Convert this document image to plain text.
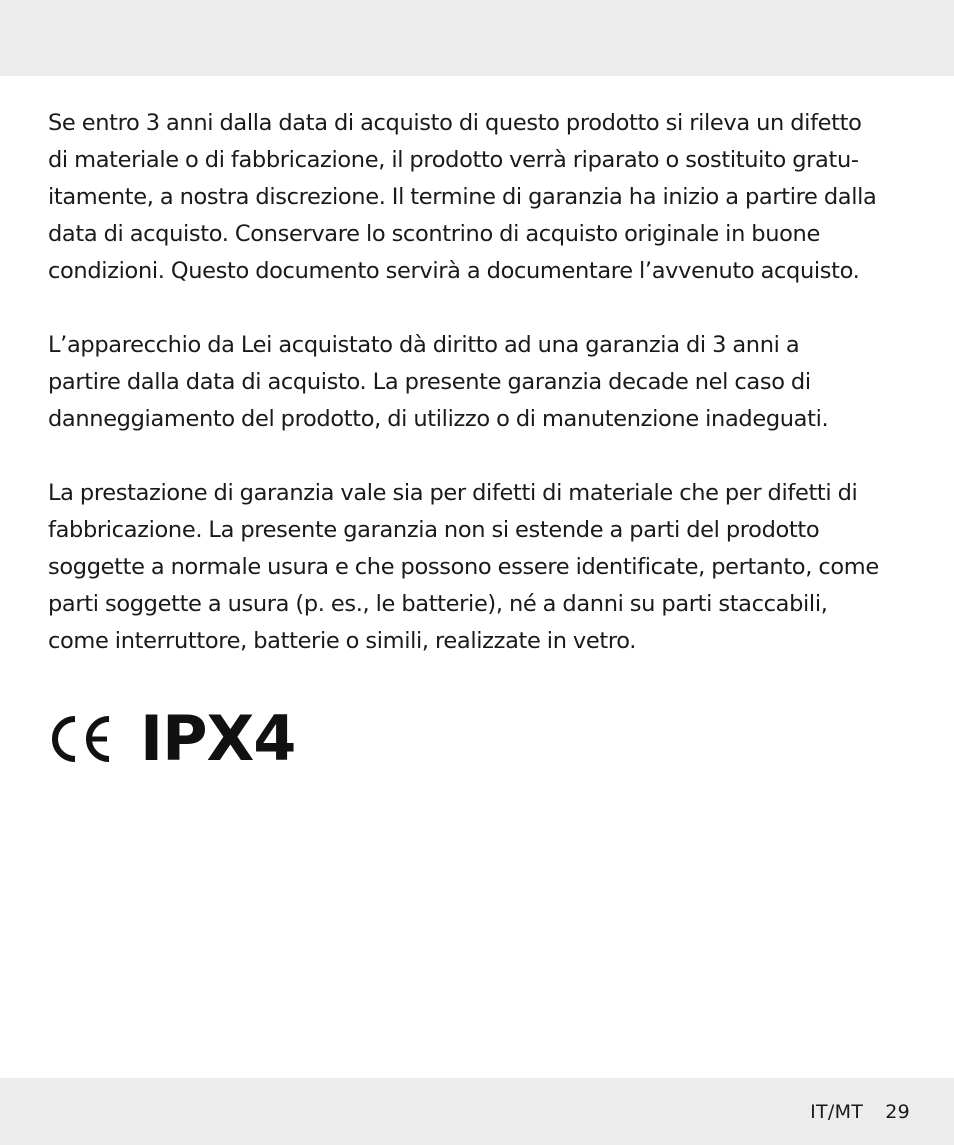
Se entro 3 anni dalla data di acquisto di questo prodotto si rileva un difetto
di materiale o di fabbricazione, il prodotto verrà riparato o sostituito gratu-
itamente, a nostra discrezione. Il termine di garanzia ha inizio a partire dalla
data di acquisto. Conservare lo scontrino di acquisto originale in buone
condizioni. Questo documento servirà a documentare l’avvenuto acquisto.

L’apparecchio da Lei acquistato dà diritto ad una garanzia di 3 anni a
partire dalla data di acquisto. La presente garanzia decade nel caso di
danneggiamento del prodotto, di utilizzo o di manutenzione inadeguati.

La prestazione di garanzia vale sia per difetti di materiale che per difetti di
fabbricazione. La presente garanzia non si estende a parti del prodotto
soggette a normale usura e che possono essere identificate, pertanto, come
parti soggette a usura (p. es., le batterie), né a danni su parti staccabili,
come interruttore, batterie o simili, realizzate in vetro.

IPX4
IT/MT 29
